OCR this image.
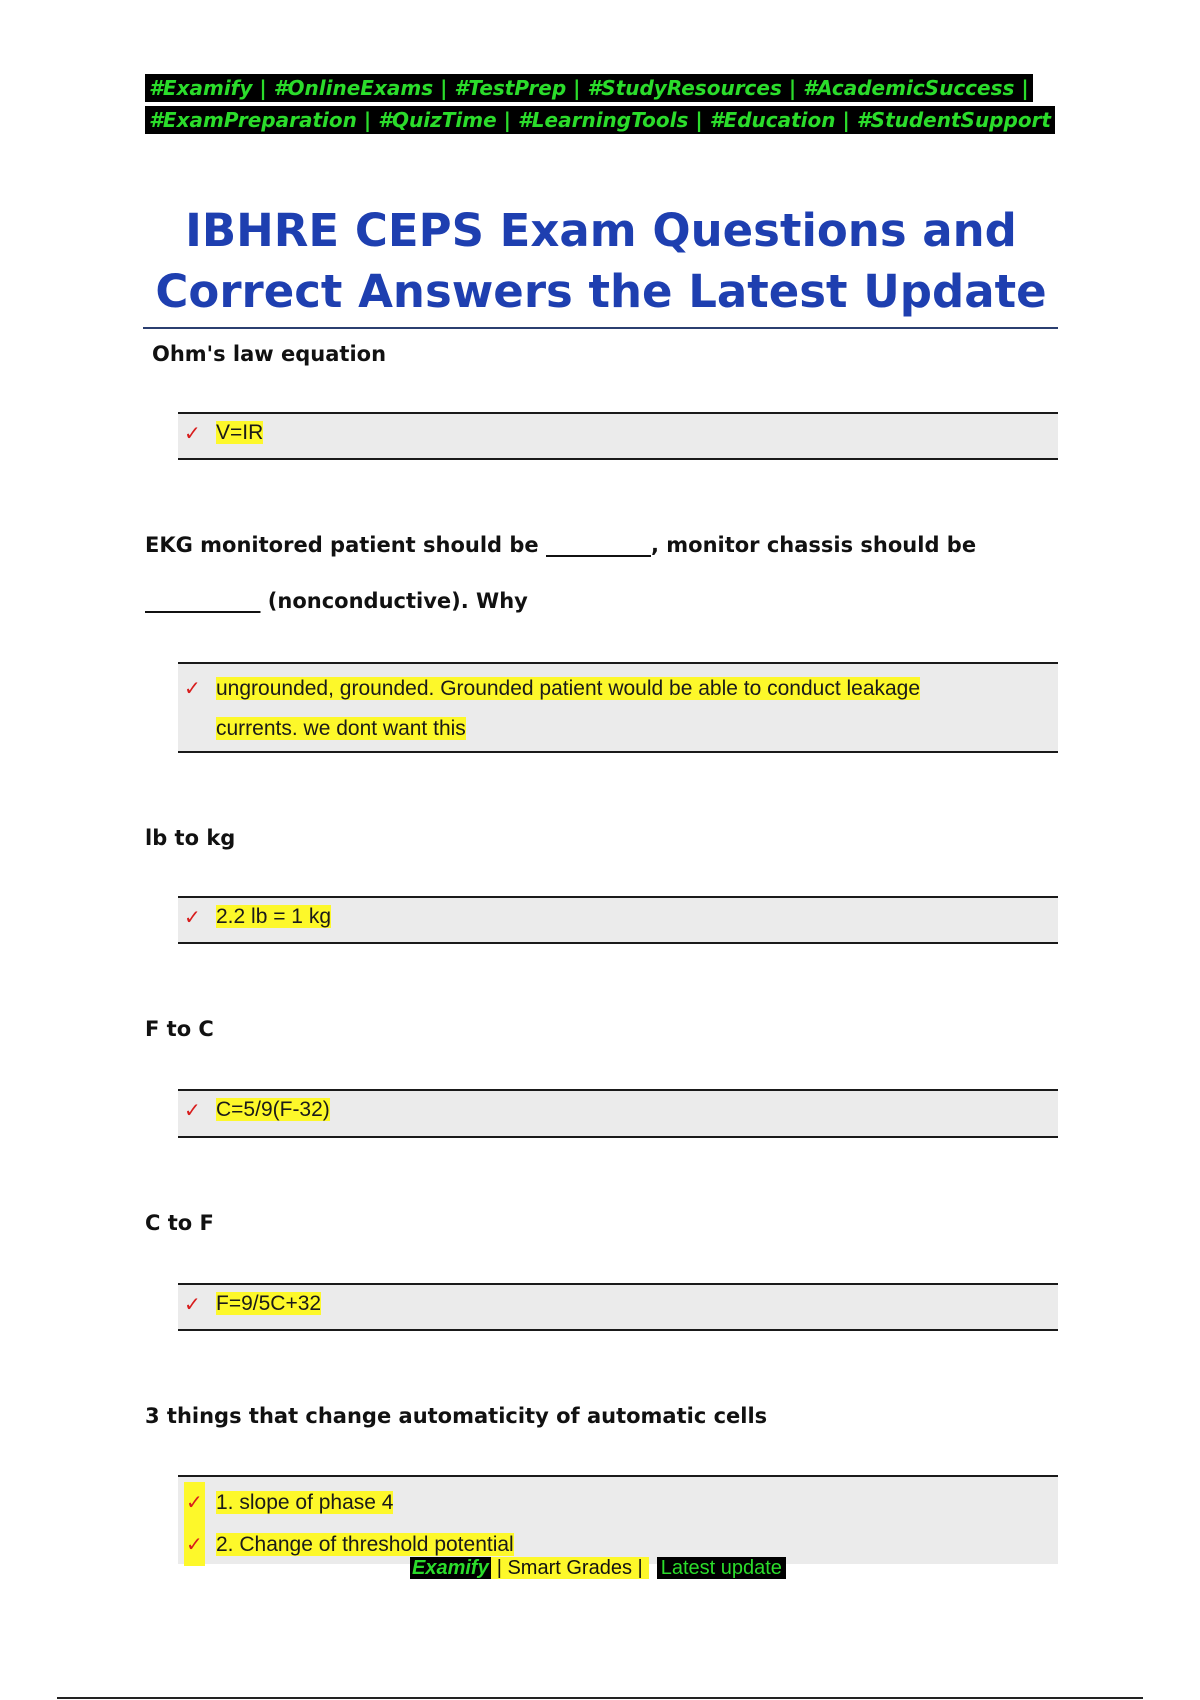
#Examify | #OnlineExams | #TestPrep | #StudyResources | #AcademicSuccess |
#ExamPreparation | #QuizTime | #LearningTools | #Education | #StudentSupport
IBHRE CEPS Exam Questions and
Correct Answers the Latest Update
Ohm's law equation
✓ V=IR
EKG monitored patient should be __________, monitor chassis should be
___________ (nonconductive). Why
✓ ungrounded, grounded. Grounded patient would be able to conduct leakage
currents. we dont want this
lb to kg
✓ 2.2 lb = 1 kg
F to C
✓ C=5/9(F-32)
C to F
✓ F=9/5C+32
3 things that change automaticity of automatic cells
✓ 1. slope of phase 4

✓ 2. Change of threshold potential
Examify | Smart Grades | Latest update
